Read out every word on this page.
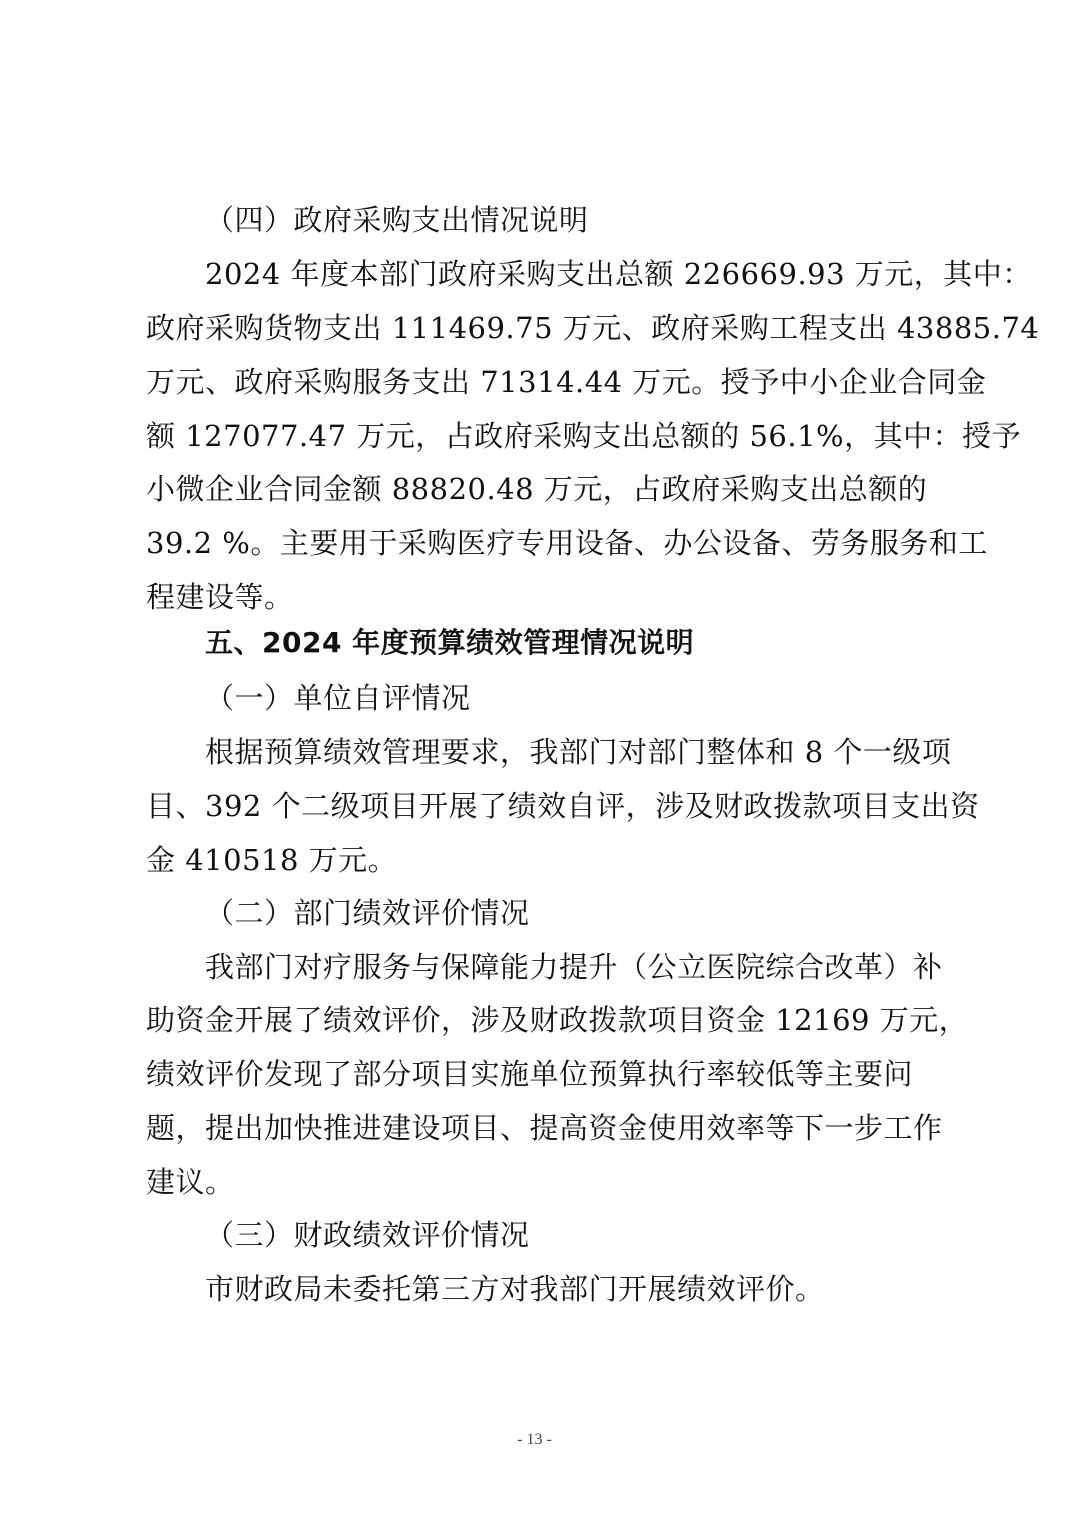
（四）政府采购支出情况说明
2024 年度本部门政府采购支出总额 226669.93 万元，其中：
政府采购货物支出 111469.75 万元、政府采购工程支出 43885.74
万元、政府采购服务支出 71314.44 万元。授予中小企业合同金
额 127077.47 万元，占政府采购支出总额的 56.1%，其中：授予
小微企业合同金额 88820.48 万元，占政府采购支出总额的
39.2 %。主要用于采购医疗专用设备、办公设备、劳务服务和工
程建设等。
五、2024 年度预算绩效管理情况说明
（一）单位自评情况
根据预算绩效管理要求，我部门对部门整体和 8 个一级项
目、392 个二级项目开展了绩效自评，涉及财政拨款项目支出资
金 410518 万元。
（二）部门绩效评价情况
我部门对疗服务与保障能力提升（公立医院综合改革）补
助资金开展了绩效评价，涉及财政拨款项目资金 12169 万元，
绩效评价发现了部分项目实施单位预算执行率较低等主要问
题，提出加快推进建设项目、提高资金使用效率等下一步工作
建议。
（三）财政绩效评价情况
市财政局未委托第三方对我部门开展绩效评价。
- 13 -
